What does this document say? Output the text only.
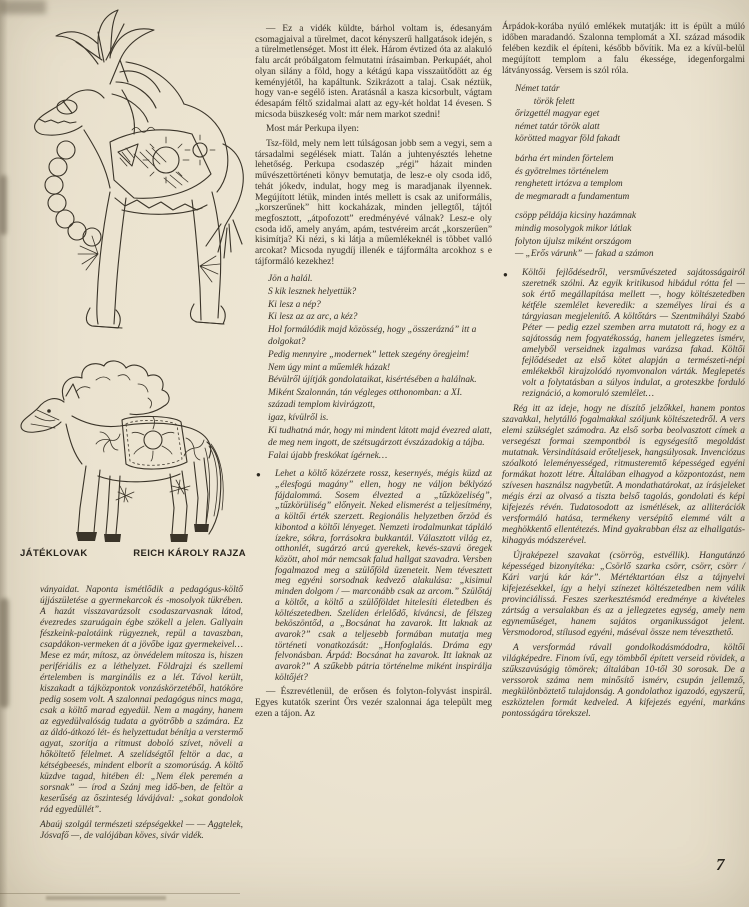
JÁTÉKLOVAK	REICH KÁROLY RAJZA

ványaidat. Naponta ismétlődik a pedagógus-költő újjászületése a gyermekarcok és -mosolyok tükrében. A hazát visszavarázsolt csodaszarvasnak látod, évezredes szaruágain égbe szökell a jelen. Gallyain fészkeink-palotáink rügyeznek, repül a tavaszban, csapdákon-vermeken át a jövőbe igaz gyermekeivel… Mese ez már, mítosz, az önvédelem mítosza is, hiszen perifériális ez a léthelyzet. Földrajzi és szellemi értelemben is marginális ez a lét. Távol került, kiszakadt a tájközpontok vonzáskörzetéből, hatóköre pedig sosem volt. A szalonnai pedagógus nincs maga, csak a költő marad egyedül. Nem a magány, hanem az egyedülvalóság tudata a gyötrőbb a számára. Ez az áldó-átkozó lét- és helyzettudat bénítja a verstermő agyat, szorítja a ritmust doboló szívet, növeli a hőköltető félelmet. A szelídségtől feltör a dac, a kétségbeesés, mindent elborít a szomorúság. A költő küzdve tagad, hitében él: „Nem élek peremén a sorsnak” — írod a Szánj meg idő-ben, de feltör a keserűség az őszinteség lávájával: „sokat gondolok rád egyedüllét”.

Abaúj szolgál természeti szépségekkel — — Aggtelek, Jósvafő —, de valójában köves, sivár vidék.

— Ez a vidék küldte, bárhol voltam is, édesanyám csomagjaival a türelmet, dacot kényszerű hallgatások idején, s a türelmetlenséget. Most itt élek. Három évtized óta az alakuló falu arcát próbálgatom felmutatni írásaimban. Perkupáét, ahol olyan silány a föld, hogy a kétágú kapa visszaütődött az ég keményjétől, ha kapáltunk. Szikrázott a talaj. Csak néztük, hogy van-e segélő isten. Aratásnál a kasza kicsorbult, vágtam édesapám féltő szidalmai alatt az egy-két holdat 14 évesen. S micsoda büszkeség volt: már nem markot szedni!

Most már Perkupa ilyen:

Tsz-föld, mely nem lett túlságosan jobb sem a vegyi, sem a társadalmi segélések miatt. Talán a juhtenyésztés lehetne lehetőség. Perkupa csodaszép „régi” házait minden művészettörténeti könyv bemutatja, de lesz-e oly csoda idő, tehát jókedv, indulat, hogy meg is maradjanak ilyennek. Megújított létük, minden intés mellett is csak az uniformális, „korszerűnek” hitt kockaházak, minden jellegtől, tájtól megfosztott, „átpofozott” eredményévé válnak? Lesz-e oly csoda idő, amely anyám, apám, testvéreim arcát „korszerűen” kisimítja? Ki nézi, s ki látja a műemlékeknél is többet valló arcokat? Micsoda nyugdíj illenék e tájformálta arcokhoz s e tájformáló kezekhez!

Jön a halál.
S kik lesznek helyettük?
Ki lesz a nép?
Ki lesz az az arc, a kéz?
Hol formálódik majd közösség, hogy „összerázná” itt a dolgokat?
Pedig mennyire „modernek” lettek szegény öregjeim!
Nem úgy mint a műemlék házak!
Bévülről újítják gondolataikat, kisértésében a halálnak.
Miként Szalonnán, tán végleges otthonomban: a XI. századi templom kivirágzott,
igaz, kívülről is.
Ki tudhatná már, hogy mi mindent látott majd évezred alatt,
de meg nem ingott, de szétsugárzott évszázadokig a tájba.
Falai újabb freskókat ígérnek…

● Lehet a költő közérzete rossz, kesernyés, mégis küzd az „élesfogú magány” ellen, hogy ne váljon béklyózó fájdalommá. Sosem élvezted a „tűzközeliség”, „tűzkörüliség” előnyeit. Neked elismerést a teljesítmény, a költői érték szerzett. Regionális helyzetben őrzöd és kibontod a költői lényeget. Nemzeti irodalmunkat tápláló ízekre, sókra, forrásokra bukkantál. Választott világ ez, otthonlét, sugárzó arcú gyerekek, kevés-szavú öregek között, ahol már nemcsak falud hallgat szavadra. Versben fogalmazod meg a szülőföld üzeneteit. Nem tévesztett meg egyéni sorsodnak kedvező alakulása: „kisimul minden dolgom / — marconább csak az arcom.” Szülőtáj a költőt, a költő a szülőföldet hitelesíti életedben és költészetedben. Szelíden érlelődő, kíváncsi, de félszeg beköszöntőd, a „Bocsánat ha zavarok. Itt laknak az avarok?” csak a teljesebb formában mutatja meg történeti vonatkozását: „Honfoglalás. Dráma egy felvonásban. Árpád: Bocsánat ha zavarok. Itt laknak az avarok?” A szűkebb pátria történelme miként inspirálja költőjét?

— Észrevétlenül, de erősen és folyton-folyvást inspirál. Egyes kutatók szerint Örs vezér szalonnai ága települt meg ezen a tájon. Az

Árpádok-korába nyúló emlékek mutatják: itt is épült a múló időben maradandó. Szalonna templomát a XI. század második felében kezdik el építeni, később bővítik. Ma ez a kívül-belül megújított templom a falu ékessége, idegenforgalmi látványosság. Versem is szól róla.

Német tatár
török felett
őrizgettél magyar eget
német tatár török alatt
körötted magyar föld fakadt
bárha ért minden förtelem
és gyötrelmes történelem
renghetett irtózva a templom
de megmaradt a fundamentum
csöpp példája kicsiny hazámnak
mindig mosolygok mikor látlak
folyton újulsz miként országom
— „Erős várunk” — fakad a számon

● Költői fejlődésedről, versművészeted sajátosságairól szeretnék szólni. Az egyik kritikusod hibádul rótta fel — sok értő megállapítása mellett —, hogy költészetedben kétféle szemlélet keveredik: a személyes lírai és a tárgyiasan megjelenítő. A költőtárs — Szentmihályi Szabó Péter — pedig ezzel szemben arra mutatott rá, hogy ez a sajátosság nem fogyatékosság, hanem jellegzetes ismérv, amelyből verseidnek izgalmas varázsa fakad. Költői fejlődésedet az első kötet alapján a természeti-népi emlékekből kirajzolódó nyomvonalon várták. Meglepetés volt a folytatásban a súlyos indulat, a groteszkbe forduló rezignáció, a komoruló szemlélet…

Rég itt az ideje, hogy ne díszítő jelzőkkel, hanem pontos szavakkal, helytálló fogalmakkal szóljunk költészetedről. A vers elemi szükséglet számodra. Az első sorba beolvasztott címek a versegészt formai szempontból is egységesítő megoldást mutatnak. Versindításaid erőteljesek, hangsúlyosak. Invenciózus szóalkotó leleményességed, ritmusteremtő képességed egyéni formákat hozott létre. Általában elhagyod a központozást, nem szívesen használsz nagybetűt. A mondathatárokat, az írásjeleket mégis érzi az olvasó a tiszta belső tagolás, gondolati és képi kifejezés révén. Tudatosodott az ismétlések, az alliterációk versformáló hatása, termékeny versépítő elemmé vált a meghökkentő ellentétezés. Mind gyakrabban élsz az elhallgatás-kihagyás módszerével.

Újraképezel szavakat (csörrög, estvéllik). Hangutánzó képességed bizonyítéka: „Csörlő szarka csörr, csörr, csörr / Kári varjú kár kár”. Mértéktartóan élsz a tájnyelvi kifejezésekkel, így a helyi színezet költészetedben nem válik provinciálissá. Feszes szerkesztésmód eredménye a kivételes zártság a versalakban és az a jellegzetes egység, amely nem egyneműséget, hanem sajátos organikusságot jelent. Versmodorod, stílusod egyéni, máséval össze nem téveszthető.

A versformád rávall gondolkodásmódodra, költői világképedre. Finom ívű, egy tömbből épített verseid rövidek, a szűkszavúságig tömörek; általában 10-től 30 sorosak. De a verssorok száma nem minősítő ismérv, csupán jellemző, megkülönböztető tulajdonság. A gondolathoz igazodó, egyszerű, eszköztelen formát kedveled. A kifejezés egyéni, markáns pontosságára törekszel.

7
